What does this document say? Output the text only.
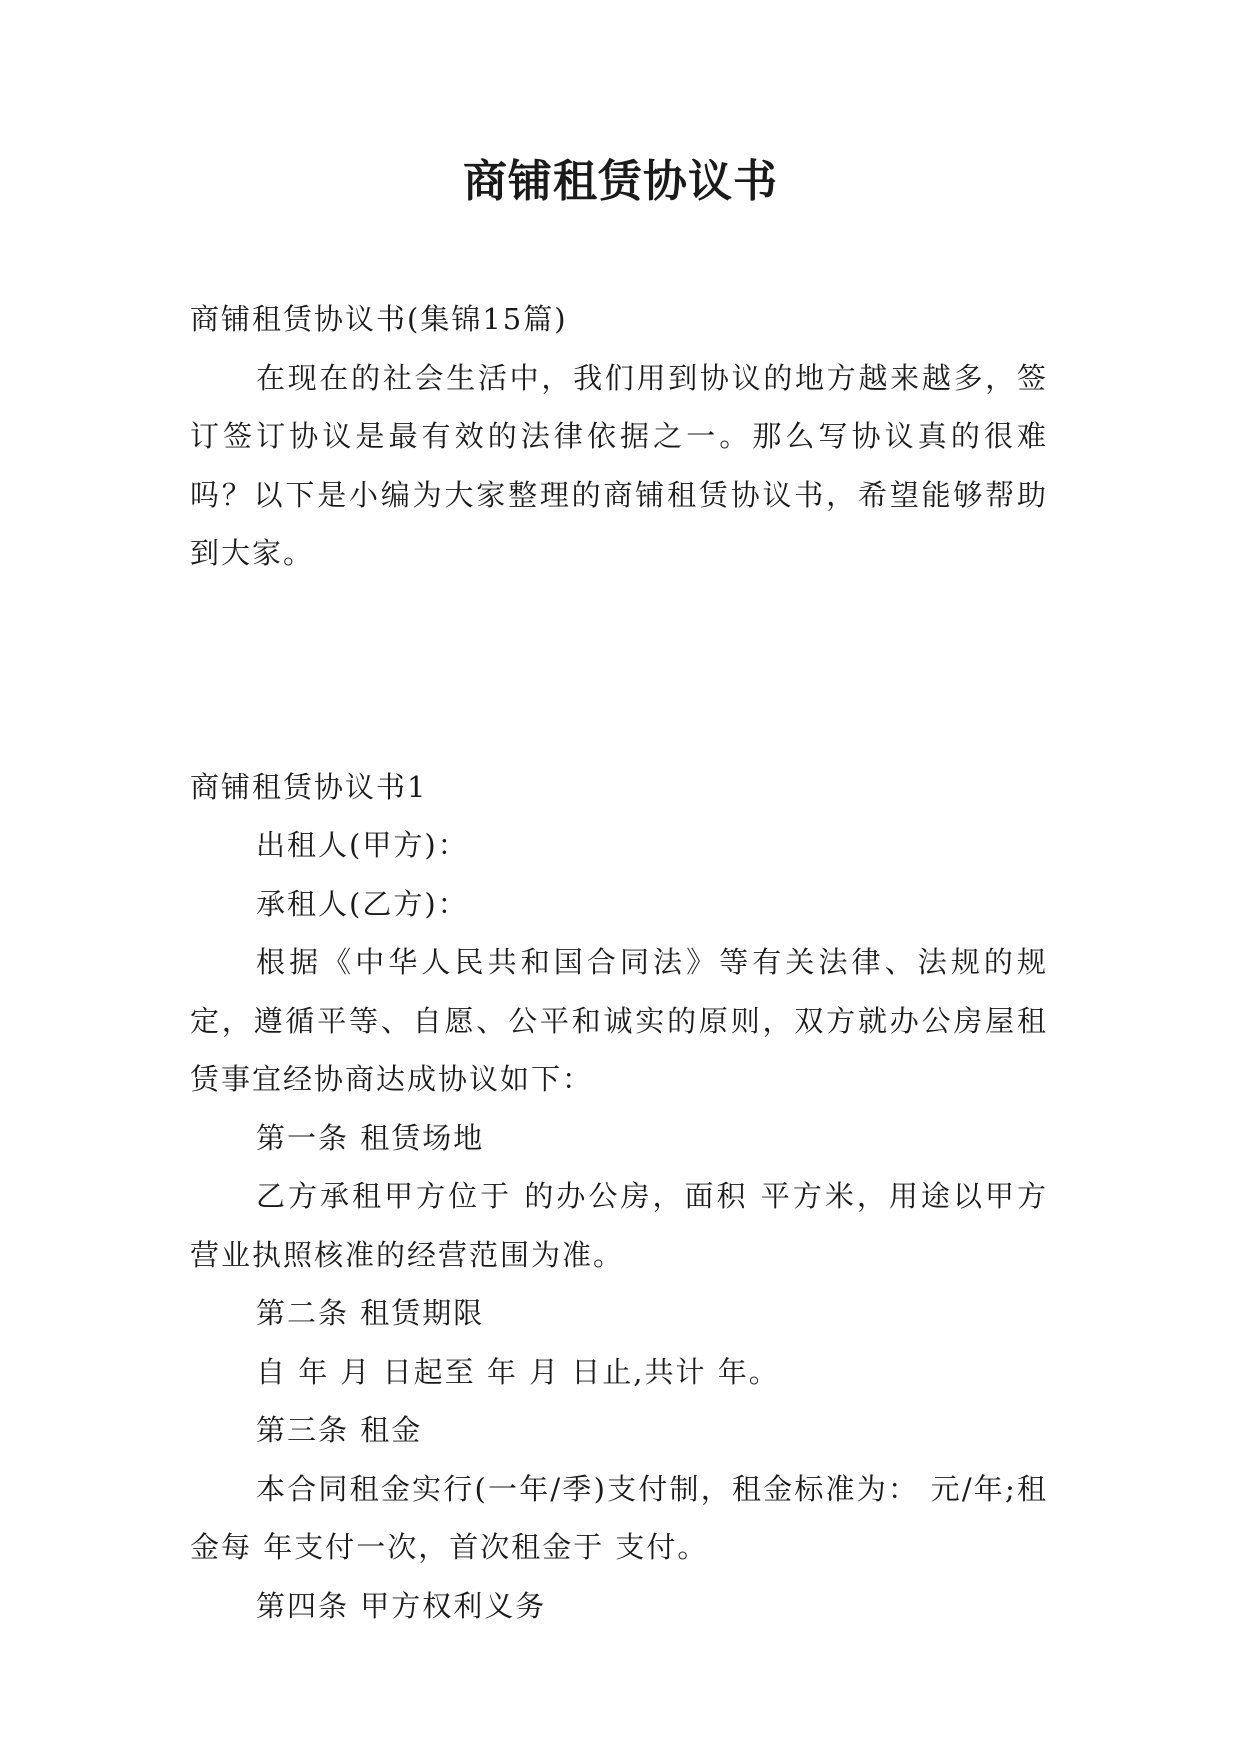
商铺租赁协议书

商铺租赁协议书(集锦15篇)

在现在的社会生活中，我们用到协议的地方越来越多，签订签订协议是最有效的法律依据之一。那么写协议真的很难吗？以下是小编为大家整理的商铺租赁协议书，希望能够帮助到大家。

商铺租赁协议书1

出租人(甲方)：

承租人(乙方)：

根据《中华人民共和国合同法》等有关法律、法规的规定，遵循平等、自愿、公平和诚实的原则，双方就办公房屋租赁事宜经协商达成协议如下：

第一条 租赁场地

乙方承租甲方位于 的办公房，面积 平方米，用途以甲方营业执照核准的经营范围为准。

第二条 租赁期限

自 年 月 日起至 年 月 日止,共计 年。

第三条 租金

本合同租金实行(一年/季)支付制，租金标准为： 元/年;租金每 年支付一次，首次租金于 支付。

第四条 甲方权利义务
